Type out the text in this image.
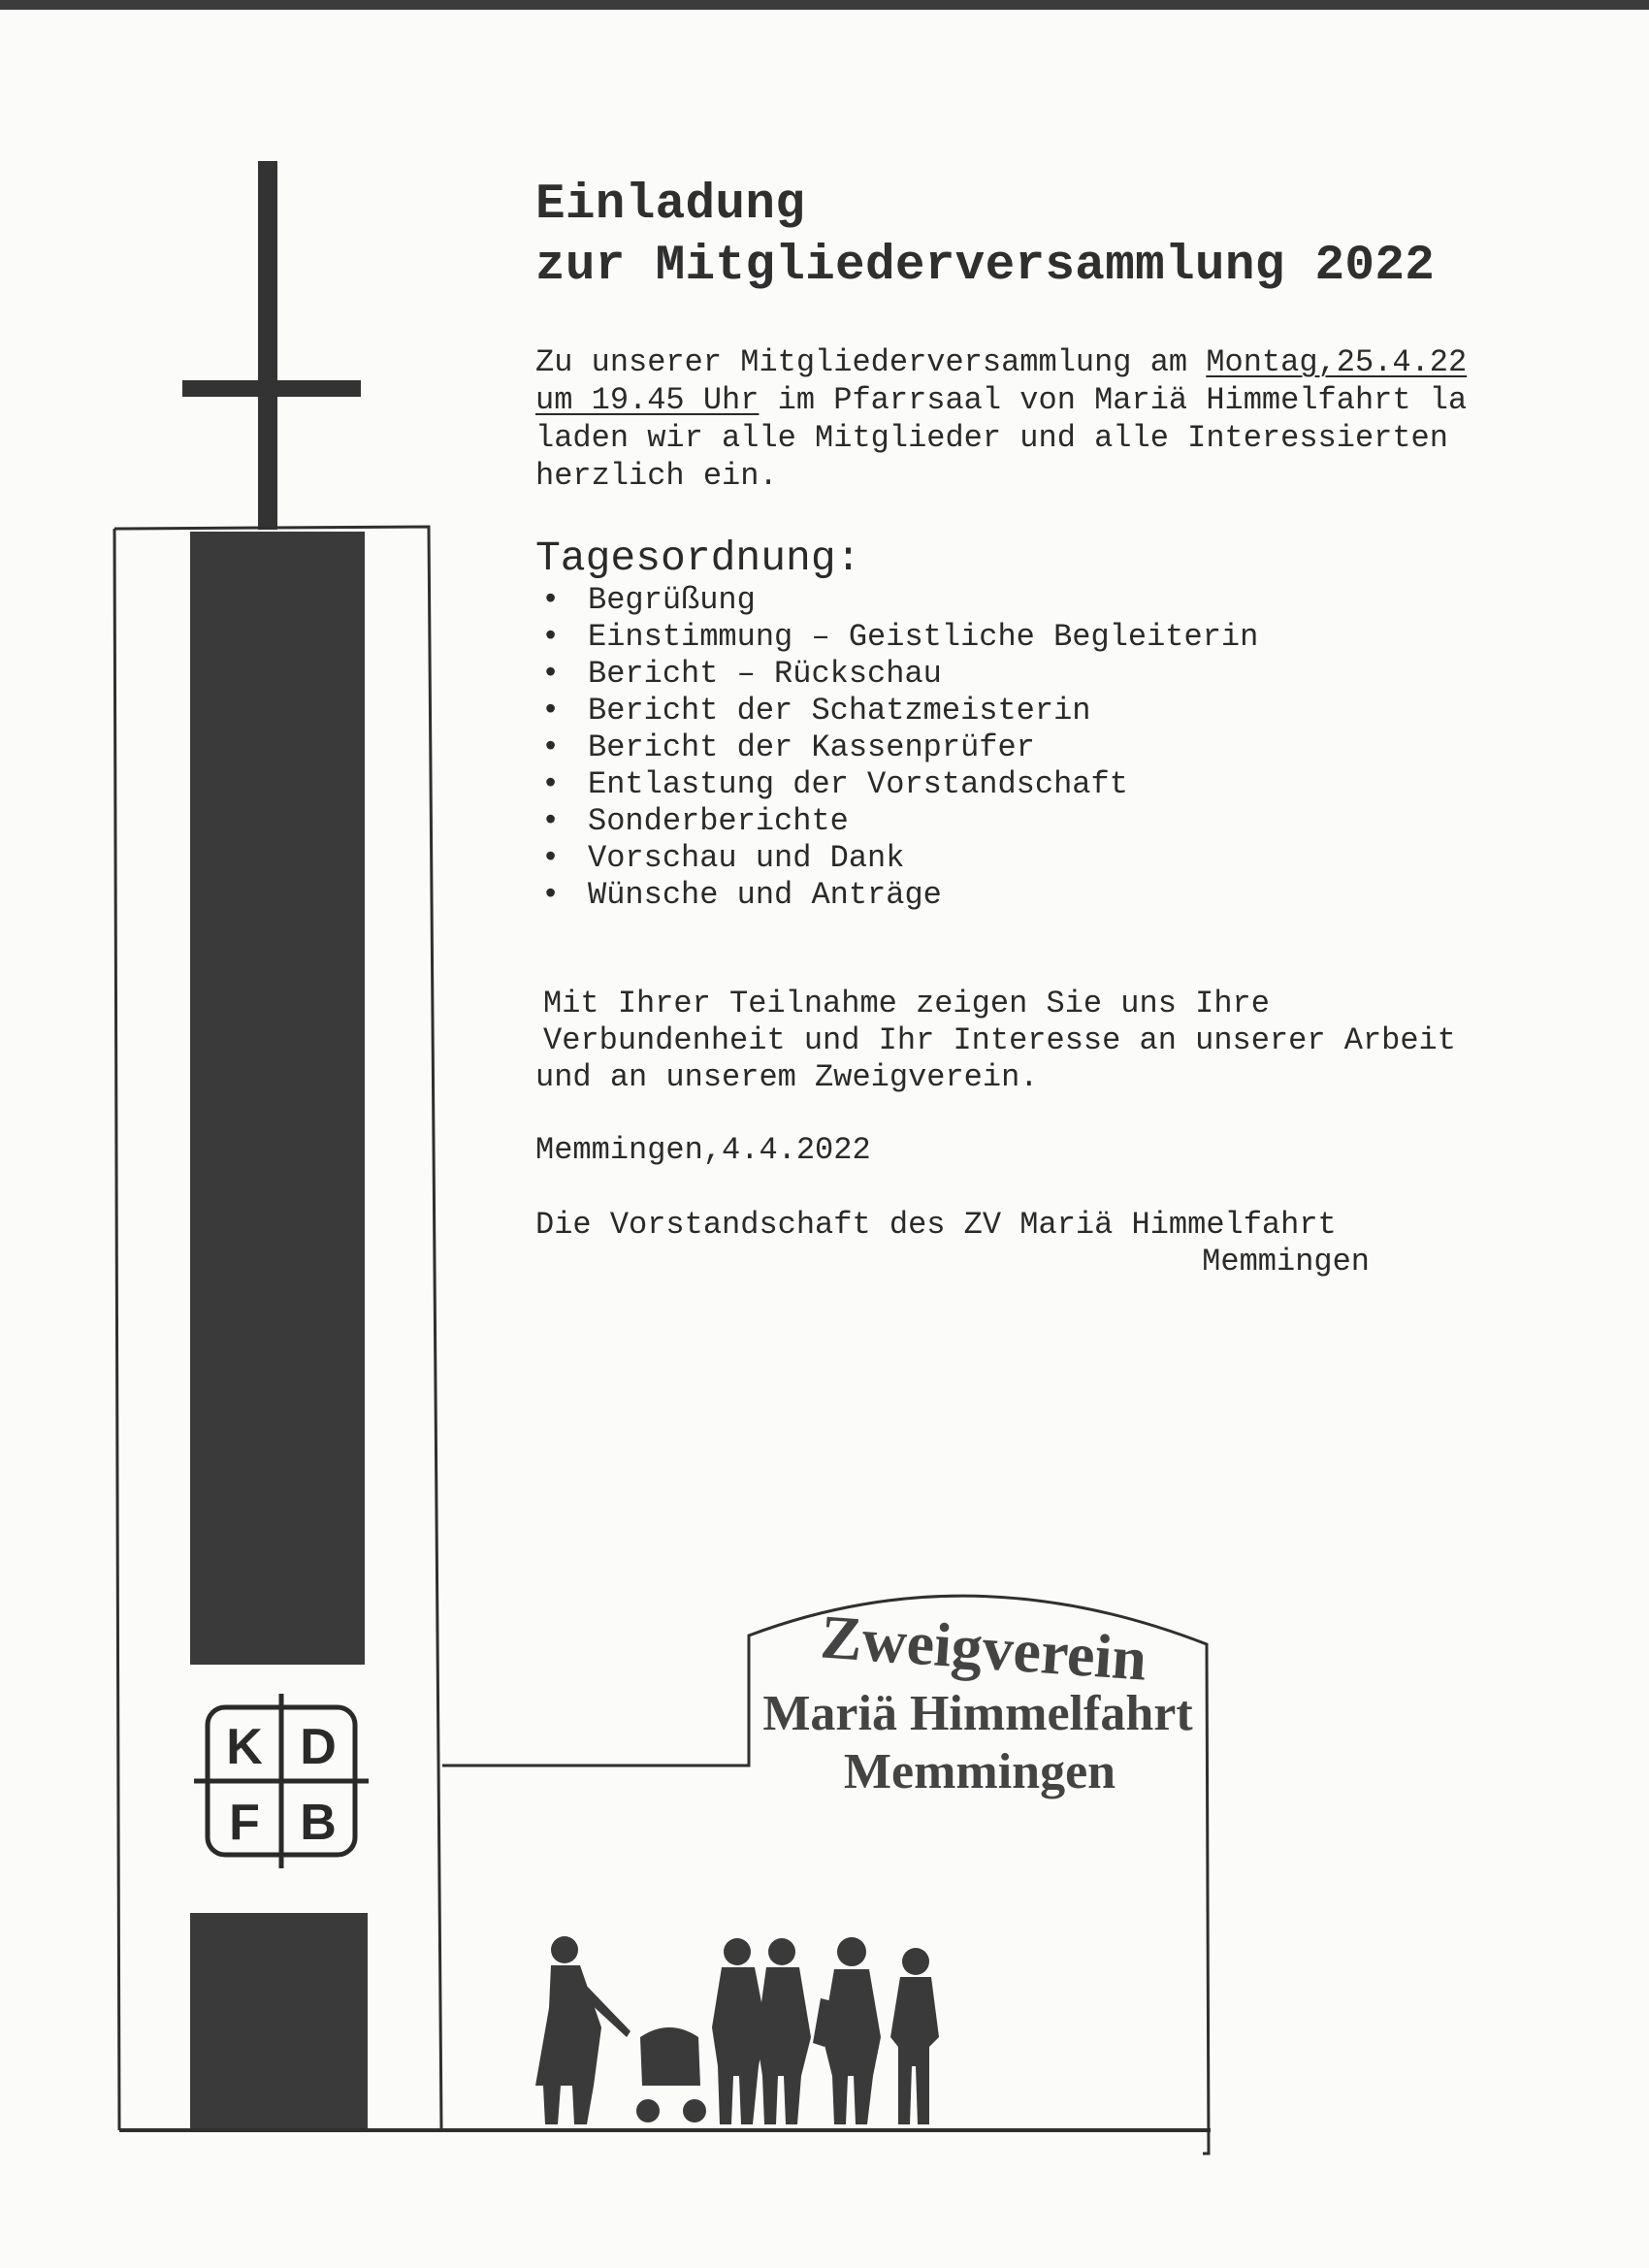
K D
F B
Zweigverein
Mariä Himmelfahrt
Memmingen
Einladung
zur Mitgliederversammlung 2022

Zu unserer Mitgliederversammlung am Montag,25.4.22
um 19.45 Uhr im Pfarrsaal von Mariä Himmelfahrt la
laden wir alle Mitglieder und alle Interessierten
herzlich ein.

Tagesordnung:
• Begrüßung
• Einstimmung – Geistliche Begleiterin
• Bericht – Rückschau
• Bericht der Schatzmeisterin
• Bericht der Kassenprüfer
• Entlastung der Vorstandschaft
• Sonderberichte
• Vorschau und Dank
• Wünsche und Anträge

Mit Ihrer Teilnahme zeigen Sie uns Ihre
Verbundenheit und Ihr Interesse an unserer Arbeit
und an unserem Zweigverein.

Memmingen,4.4.2022

Die Vorstandschaft des ZV Mariä Himmelfahrt
Memmingen
